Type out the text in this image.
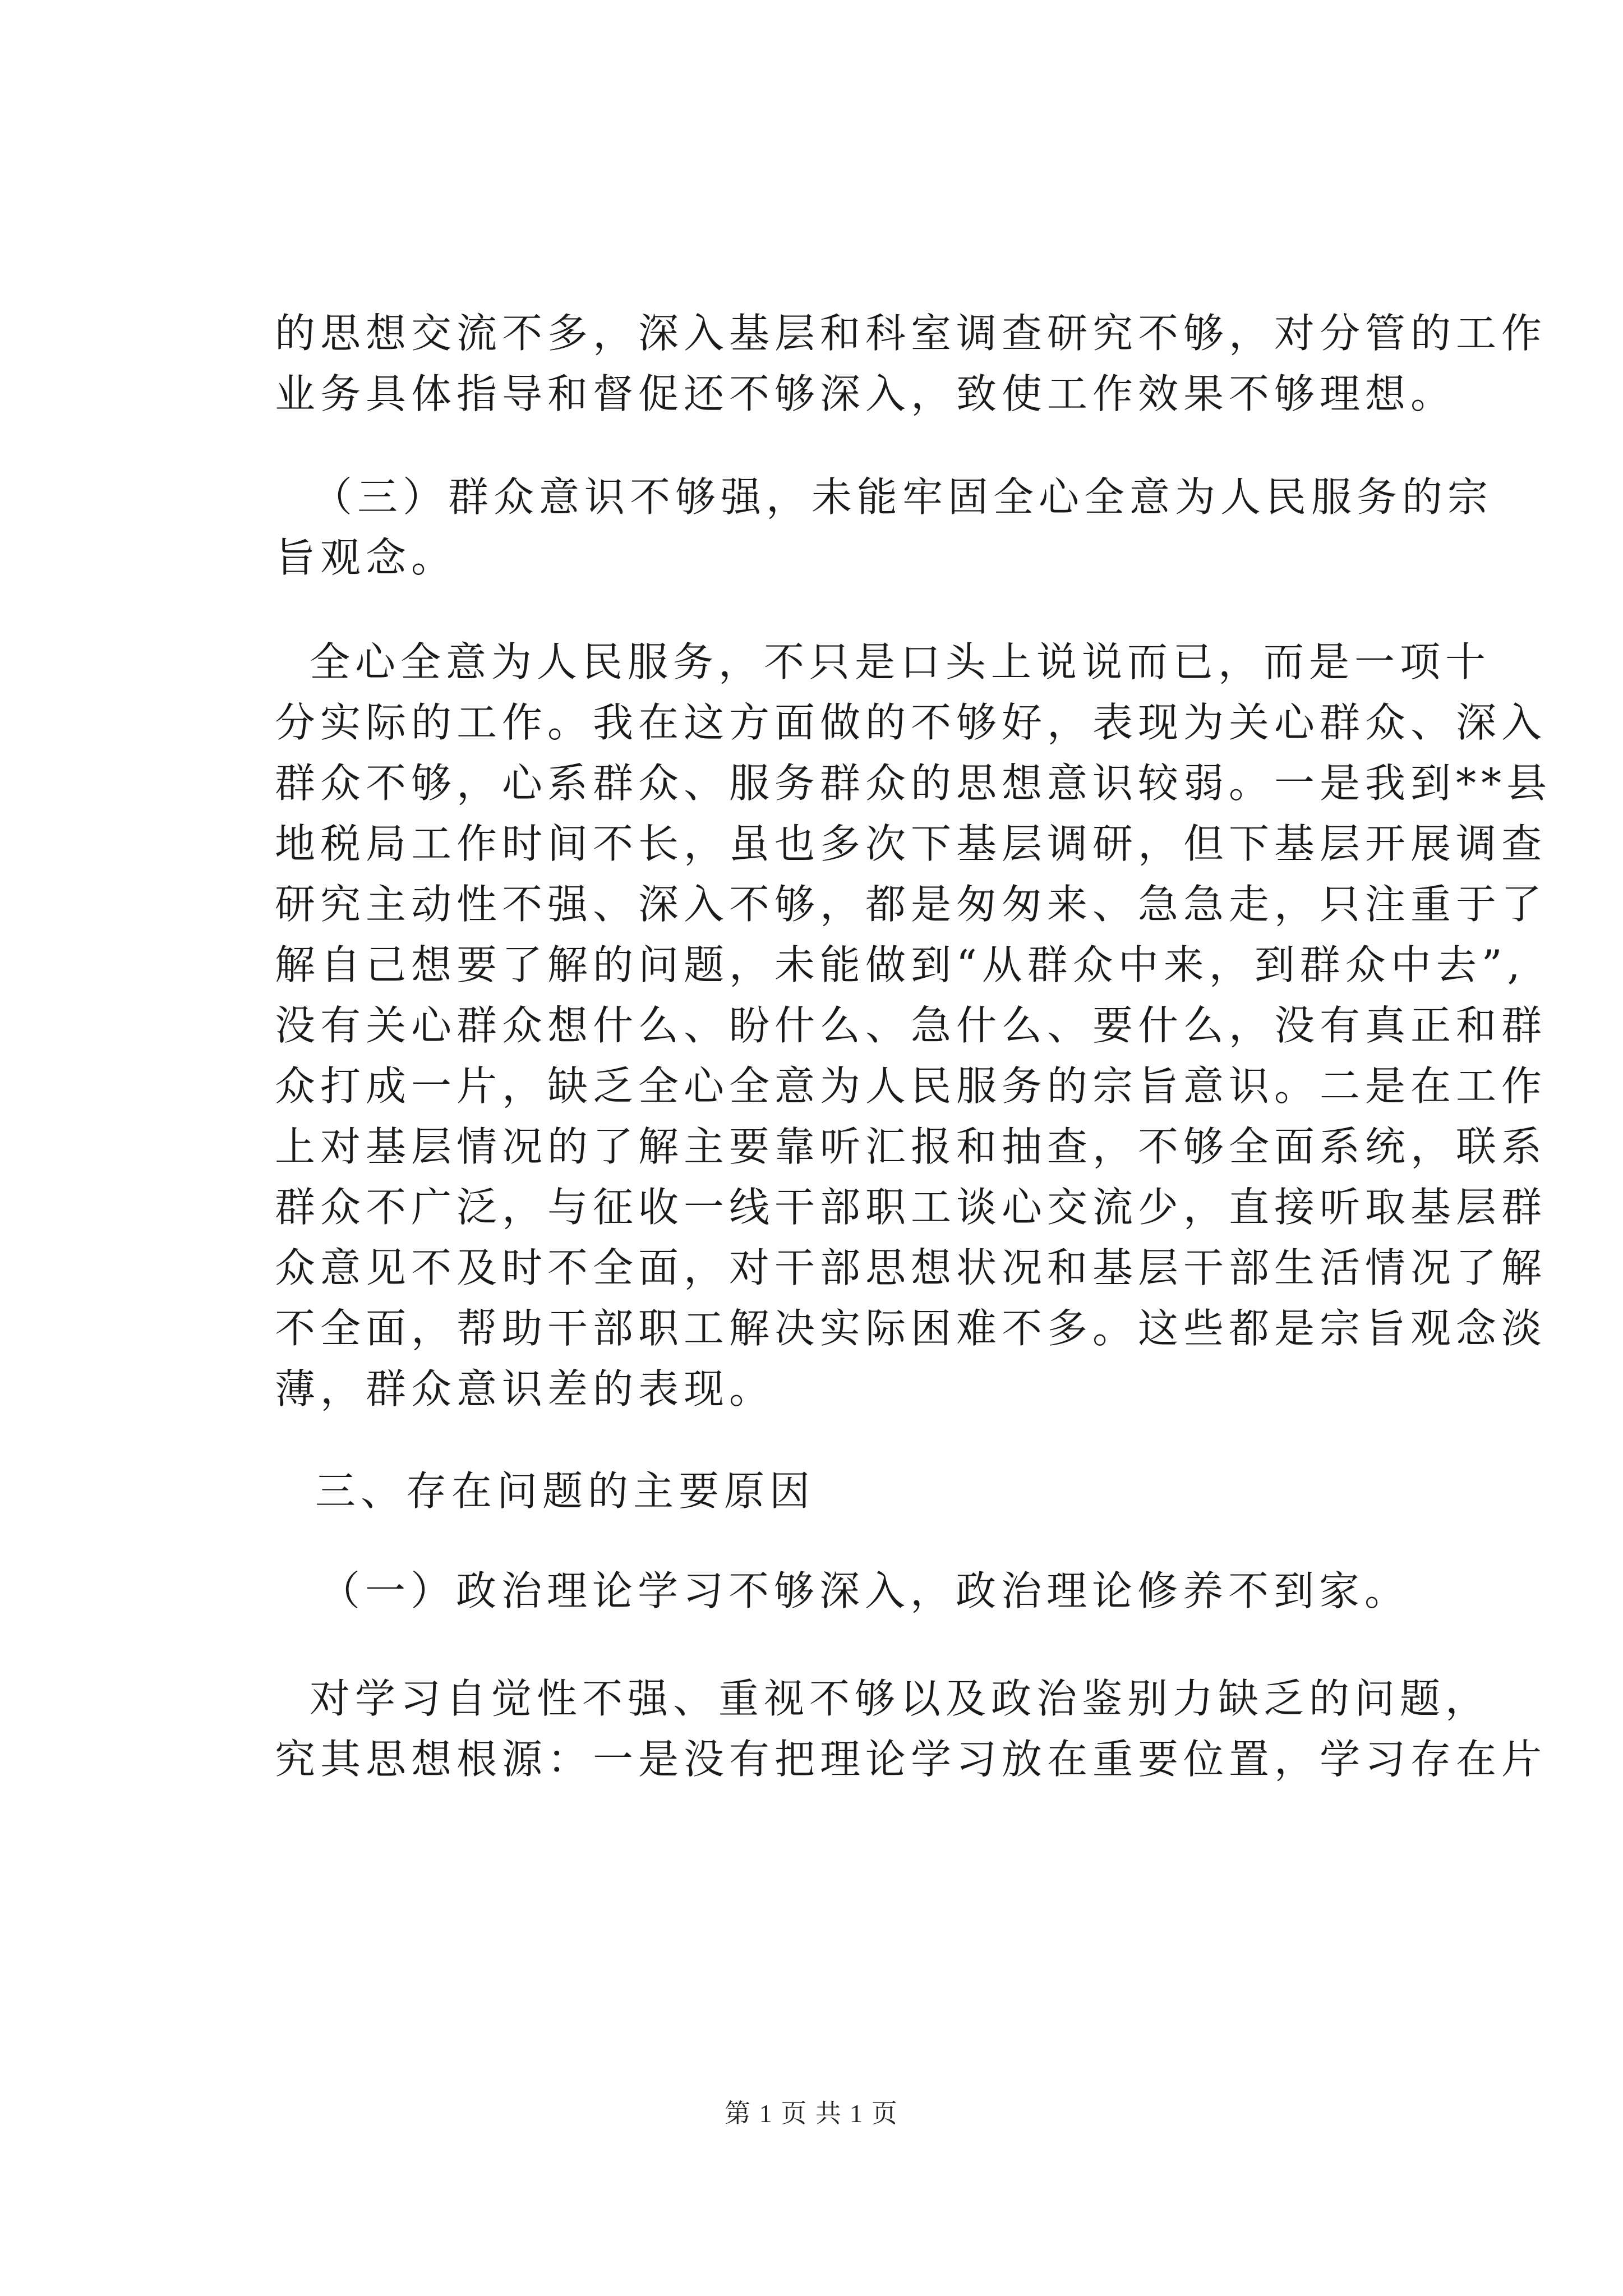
的思想交流不多，深入基层和科室调查研究不够，对分管的工作
业务具体指导和督促还不够深入，致使工作效果不够理想。
（三）群众意识不够强，未能牢固全心全意为人民服务的宗
旨观念。
全心全意为人民服务，不只是口头上说说而已，而是一项十
分实际的工作。我在这方面做的不够好，表现为关心群众、深入
群众不够，心系群众、服务群众的思想意识较弱。一是我到**县
地税局工作时间不长，虽也多次下基层调研，但下基层开展调查
研究主动性不强、深入不够，都是匆匆来、急急走，只注重于了
解自己想要了解的问题，未能做到“从群众中来，到群众中去”,
没有关心群众想什么、盼什么、急什么、要什么，没有真正和群
众打成一片，缺乏全心全意为人民服务的宗旨意识。二是在工作
上对基层情况的了解主要靠听汇报和抽查，不够全面系统，联系
群众不广泛，与征收一线干部职工谈心交流少，直接听取基层群
众意见不及时不全面，对干部思想状况和基层干部生活情况了解
不全面，帮助干部职工解决实际困难不多。这些都是宗旨观念淡
薄，群众意识差的表现。
三、存在问题的主要原因
（一）政治理论学习不够深入，政治理论修养不到家。
对学习自觉性不强、重视不够以及政治鉴别力缺乏的问题，
究其思想根源：一是没有把理论学习放在重要位置，学习存在片
第 1 页 共 1 页
